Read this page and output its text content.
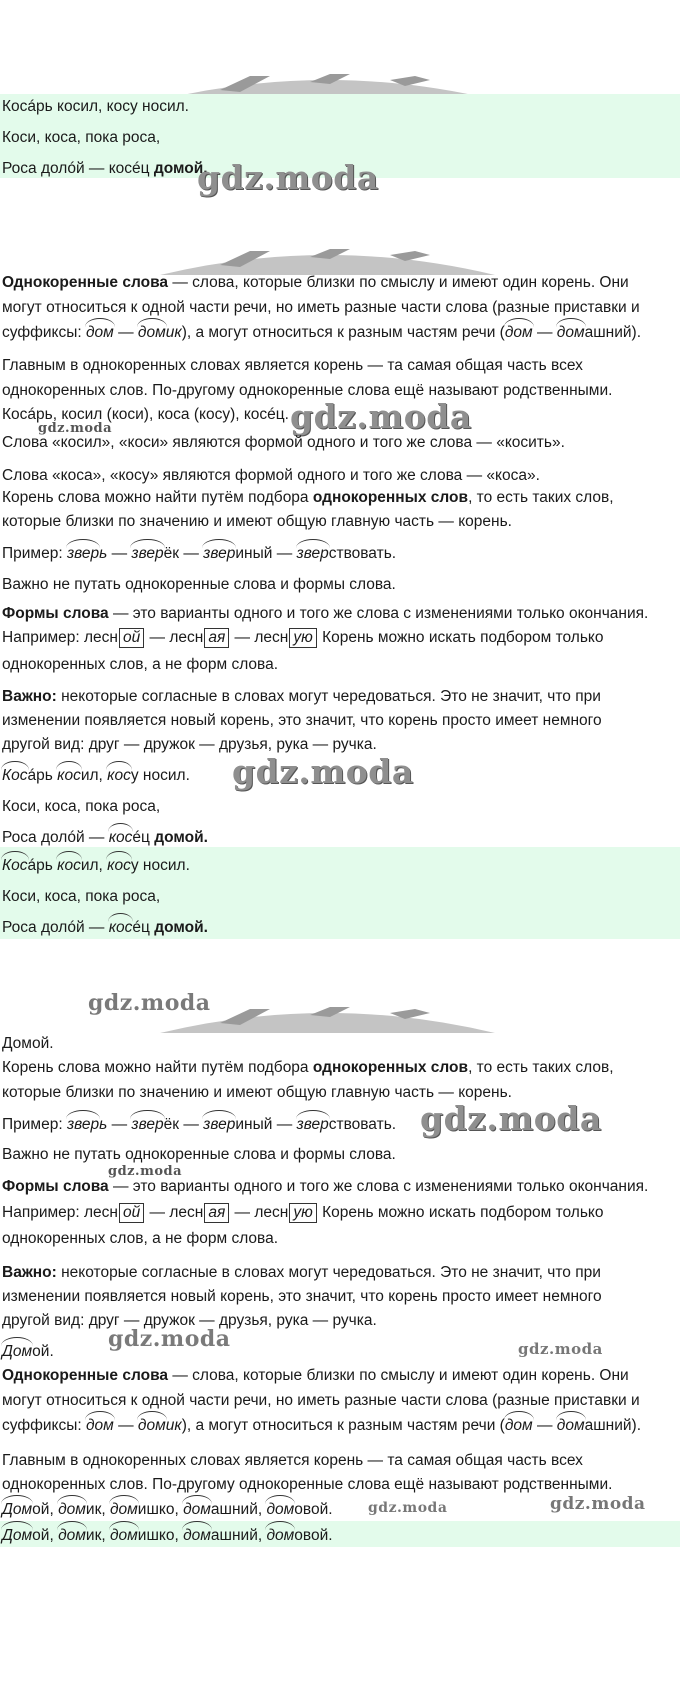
Косáрь косил, косу носил.
Коси, коса, пока роса,
Роса долóй — косéц домой.
gdz.moda
Однокоренные слова — слова, которые близки по смыслу и имеют один корень. Они
могут относиться к одной части речи, но иметь разные части слова (разные приставки и
суффиксы: дом — домик), а могут относиться к разным частям речи (дом — домашний).
Главным в однокоренных словах является корень — та самая общая часть всех
однокоренных слов. По-другому однокоренные слова ещё называют родственными.
Косáрь, косил (коси), коса (косу), косéц.
gdz.moda	gdz.moda
Слова «косил», «коси» являются формой одного и того же слова — «косить».
Слова «коса», «косу» являются формой одного и того же слова — «коса».
Корень слова можно найти путём подбора однокоренных слов, то есть таких слов,
которые близки по значению и имеют общую главную часть — корень.
Пример: зверь — зверёк — звериный — зверствовать.
Важно не путать однокоренные слова и формы слова.
Формы слова — это варианты одного и того же слова с изменениями только окончания.
Например: лесн ой — лесн ая — лесн ую Корень можно искать подбором только
однокоренных слов, а не форм слова.
Важно: некоторые согласные в словах могут чередоваться. Это не значит, что при
изменении появляется новый корень, это значит, что корень просто имеет немного
другой вид: друг — дружок — друзья, рука — ручка.
Косáрь косил, косу носил. gdz.moda
Коси, коса, пока роса,
Роса долóй — косéц домой.
Косáрь косил, косу носил.
Коси, коса, пока роса,
Роса долóй — косéц домой.
gdz.moda
Домой.
Корень слова можно найти путём подбора однокоренных слов, то есть таких слов,
которые близки по значению и имеют общую главную часть — корень.
Пример: зверь — зверёк — звериный — зверствовать. gdz.moda
Важно не путать однокоренные слова и формы слова.
gdz.moda
Формы слова — это варианты одного и того же слова с изменениями только окончания.
Например: лесн ой — лесн ая — лесн ую Корень можно искать подбором только
однокоренных слов, а не форм слова.
Важно: некоторые согласные в словах могут чередоваться. Это не значит, что при
изменении появляется новый корень, это значит, что корень просто имеет немного
другой вид: друг — дружок — друзья, рука — ручка.
Домой. gdz.moda	gdz.moda
Однокоренные слова — слова, которые близки по смыслу и имеют один корень. Они
могут относиться к одной части речи, но иметь разные части слова (разные приставки и
суффиксы: дом — домик), а могут относиться к разным частям речи (дом — домашний).
Главным в однокоренных словах является корень — та самая общая часть всех
однокоренных слов. По-другому однокоренные слова ещё называют родственными.
Домой, домик, домишко, домашний, домовой.	gdz.moda	gdz.moda
Домой, домик, домишко, домашний, домовой.
